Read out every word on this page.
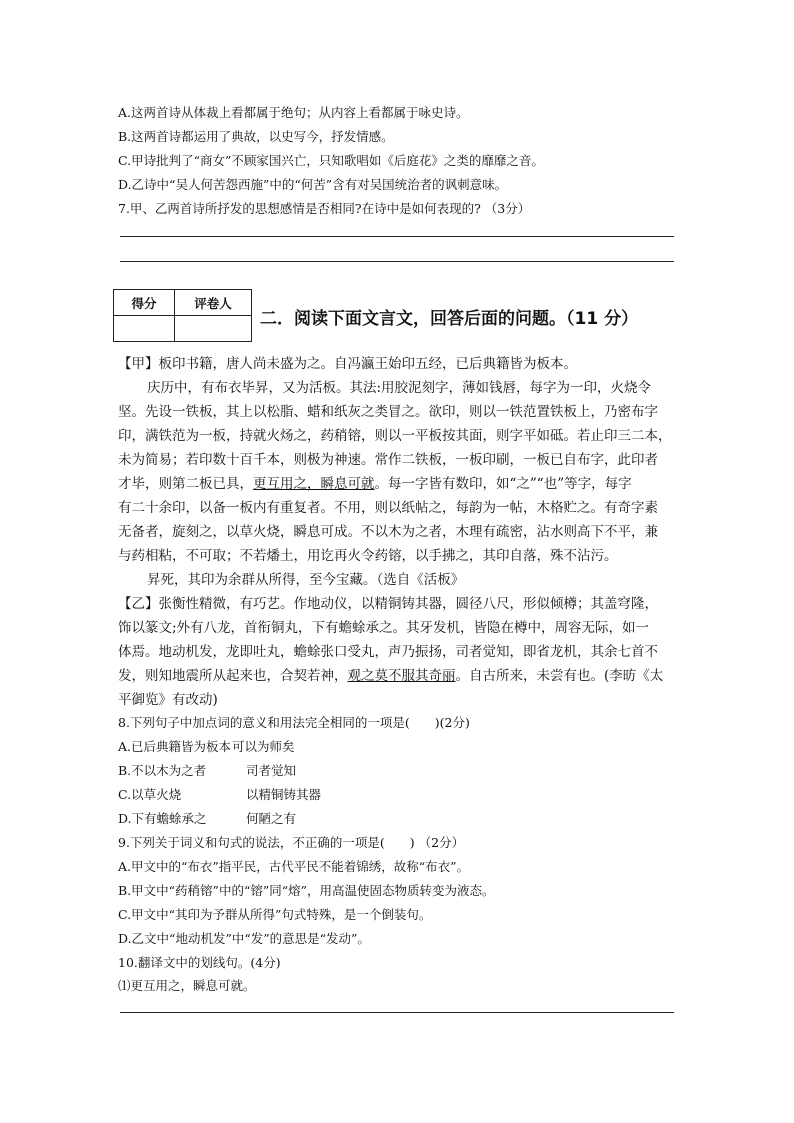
A.这两首诗从体裁上看都属于绝句；从内容上看都属于咏史诗。
B.这两首诗都运用了典故，以史写今，抒发情感。
C.甲诗批判了“商女”不顾家国兴亡，只知歌唱如《后庭花》之类的靡靡之音。
D.乙诗中“吴人何苦怨西施”中的“何苦”含有对吴国统治者的讽刺意味。
7.甲、乙两首诗所抒发的思想感情是否相同?在诗中是如何表现的? （3分）
得分	评卷人

二．阅读下面文言文，回答后面的问题。（11 分）
【甲】板印书籍，唐人尚未盛为之。自冯瀛王始印五经，已后典籍皆为板本。
庆历中，有布衣毕昇，又为活板。其法:用胶泥刻字，薄如钱唇，每字为一印，火烧令
坚。先设一铁板，其上以松脂、蜡和纸灰之类冒之。欲印，则以一铁范置铁板上，乃密布字
印，满铁范为一板，持就火炀之，药稍镕，则以一平板按其面，则字平如砥。若止印三二本，
未为简易；若印数十百千本，则极为神速。常作二铁板，一板印刷，一板已自布字，此印者
才毕，则第二板已具，更互用之，瞬息可就。每一字皆有数印，如“之”“也”等字，每字
有二十余印，以备一板内有重复者。不用，则以纸帖之，每韵为一帖，木格贮之。有奇字素
无备者，旋刻之，以草火烧，瞬息可成。不以木为之者，木理有疏密，沾水则高下不平，兼
与药相粘，不可取；不若燔土，用讫再火令药镕，以手拂之，其印自落，殊不沾污。
昇死，其印为余群从所得，至今宝藏。（选自《活板》
【乙】张衡性精微，有巧艺。作地动仪，以精铜铸其器，圆径八尺，形似倾樽；其盖穹隆，
饰以篆文;外有八龙，首衔铜丸，下有蟾蜍承之。其牙发机，皆隐在樽中，周容无际，如一
体焉。地动机发，龙即吐丸，蟾蜍张口受丸，声乃振扬，司者觉知，即省龙机，其余七首不
发，则知地震所从起来也，合契若神，观之莫不服其奇丽。自古所来，未尝有也。(李昉《太
平御览》有改动)
8.下列句子中加点词的意义和用法完全相同的一项是(　　)(2分)
A.已后典籍皆为板本 可以为师矣
B.不以木为之者	司者觉知
C.以草火烧	以精铜铸其器
D.下有蟾蜍承之	何陋之有
9.下列关于词义和句式的说法，不正确的一项是(　　) （2分）
A.甲文中的“布衣”指平民，古代平民不能着锦绣，故称“布衣”。
B.甲文中“药稍镕”中的“镕”同“熔”，用高温使固态物质转变为液态。
C.甲文中“其印为予群从所得”句式特殊，是一个倒装句。
D.乙文中“地动机发”中“发”的意思是“发动”。
10.翻译文中的划线句。(4分)
⑴更互用之，瞬息可就。
